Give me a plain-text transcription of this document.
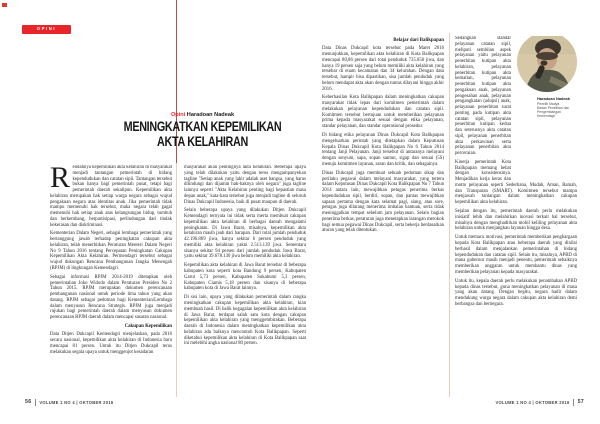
OPINI
Opini Haradoan Nadeak
MENINGKATKAN KEPEMILIKAN
AKTA KELAHIRAN

Rendahnya kepemilikan akta kelahiran di masyarakat menjadi tantangan pemerintah di bidang kependudukan dan catatan sipil. Tantangan tersebut bukan hanya bagi pemerintah pusat, tetapi bagi pemerintah daerah sekalipun. Kepemilikan akta kelahiran merupakan hak setiap warga negara sebagai wujud pengakuan negara atas identitas anak. Jika pemerintah tidak mampu memenuhi hak tersebut, maka negara telah gagal memenuhi hak setiap anak atas kelangsungan hidup, tumbuh dan berkembang, berpartisipasi, perlindungan dari tindak kekerasan dan diskriminasi.

Kementerian Dalam Negeri, sebagai lembaga pemerintah yang bertanggung jawab terhadap peningkatan cakupan akta kelahiran, telah menerbitkan Peraturan Menteri Dalam Negeri No 9 Tahun 2016 tentang Percepatan Peningkatan Cakupan Kepemilikan Akta Kelahiran. Permendagri tersebut sebagai wujud dukungan Rencana Pembangunan Jangka Menengah (RPJM) di lingkungan Kemendagri.

Sebagai informasi RPJM 2014-2019 ditetapkan oleh pemerintahan Joko Widodo dalam Peraturan Presiden No 2 Tahun 2015. RPJM merupakan dokumen perencanaan pembangunan nasional untuk periode lima tahun yang akan datang. RPJM sebagai pedoman bagi Kementerian/Lembaga dalam menyusun Rencana Strategis. RPJM juga menjadi rujukan bagi pemerintah daerah dalam menyusun dokumen perencanaan RPJM daerah dalam mencapai sasaran nasional.

Cakupan Kepemilikan

Data Ditjen Dukcapil Kemendagri menjelaskan, pada 2016 secara nasional, kepemilikan akta kelahiran di Indonesia baru mencapai 81 persen. Untuk itu Ditjen Dukcapil terus melakukan segala upaya untuk menggenjot kesadaran

masyarakat akan pentingnya akta kelahiran. Beberapa upaya yang telah dilakukan yaitu dengan terus mengampanyekan tagline "Setiap anak yang lahir adalah aset bangsa, yang harus dilindungi dan dijamin hak-haknya oleh negara" juga tagline lainnya seperti "Akta Kelahiran penting bagi kepastian masa depan anak," kata-kata tersebut juga menjadi tagline di seluruh Dinas Dukcapil Indonesia, baik di pusat maupun di daerah.

Selain beberapa upaya yang dilakukan Ditjen Dukcapil Kemendagri ternyata ini tidak serta merta membuat cakupan kepemilikan akta kelahiran di berbagai daerah mengalami peningkatan. Di Jawa Barat, misalnya, kepemilikan akta kelahiran masih jauh dari harapan. Dari total jumlah penduduk 42.196.869 jiwa, hanya sekitar 6 persen penduduk yang memiliki akta kelahiran yakni 2.513.139 jiwa. Sementara sisanya sekitar 94 persen dari jumlah penduduk Jawa Barat, yaitu sekitar 39.678.130 jiwa belum memiliki akta kelahiran.

Kepemilikan akta kelahiran di Jawa Barat tersebar di beberapa kabupaten kota seperti kota Bandung 9 persen, Kabupaten Garut 5,73 persen, Kabupaten Sukabumi 5,3 persen, Kabupaten Ciamis 5,18 persen dan sisanya di beberapa kabupaten kota di Jawa Barat lainnya.

Di sisi lain, upaya yang dilakukan pemerintah dalam rangka meningkatkan cakupan kepemilikan akta kelahiran, kian membuah hasil. Di balik kegagalan kepemilikan akta kelahiran di Jawa Barat, terdapat salah satu kota dengan cakupan kepemilikan akta kelahiran yang menggembirakan. Beberapa daerah di Indonesia dalam meningkatkan kepemilikan akta kelahiran ada baiknya mencontoh Kota Balikpapan. Seperti diketahui kepemilikan akta kelahiran di Kota Balikpapan saat ini melebihi angka nasional 80 persen.

Belajar dari Balikpapan

Data Dinas Dukcapil kota tersebut pada Maret 2016 menunjukkan, kepemilikan akta kelahiran di Kota Balikpapan mencapai 80,86 persen dari total penduduk 735.850 jiwa, dan hanya 19 persen saja yang belum memiliki akta kelahiran yang tersebar di enam kecamatan dan 34 kelurahan. Dengan data tersebut, hampir bisa dipastikan, sisa jumlah penduduk yang belum mendapat akta akan dengan tuntas dilayani hingga akhir 2016.

Keberhasilan Kota Balikpapan dalam meningkatkan cakupan masyarakat tidak lepas dari komitmen pemerintah dalam melakukan pelayanan kependudukan dan catatan sipil. Komitmen tersebut bertujuan untuk memberikan pelayanan prima kepada masyarakat sesuai dengan etika pelayanan, standar pelayanan, dan standar operasional prosedur.

Di bidang etika pelayanan Dinas Dukcapil Kota Balikpapan mengeluarkan perintah yang ditetapkan dalam Keputusan Kepala Dinas Dukcapil Kota Balikpapan No 6 Tahun 2014 tentang Janji Pelayanan. Janji tersebut di antaranya melayani dengan senyum, sapa, sopan santun, sigap dan sesuai (5S) menuju komitmen layanan, saran dan kritik, dan sebagainya.

Dinas Dukcapil juga membuat sebuah pedoman sikap dan perilaku pegawai dalam melayani masyarakat, yang tertera dalam Keputusan Dinas Dukcapil Kota Balikpapan No 7 Tahun 2014 antara lain, mewajibkan petugas penerima berkas kependudukan sipil, berdiri, sopan, dan pantas mewajibkan sapaan pertama dengan kata selamat pagi, siang, atau sore, petugas juga dilarang menerima imbalan bantuan, serta tidak meninggalkan tempat sebelum jam pelayanan. Selain bagian penerima berkas, peraturan juga menetapkan larangan merokok bagi semua pegawai Dinas Dukcapil, serta bekerja berdasarkan aturan yang telah ditentukan.

Haradoan Nadeak

Peneliti Madya

Badan Penelitian dan

Pengembangan Kemendagri

Sedangkan standar pelayanan catatan sipil, meliputi sembilan aspek pelayanan yaitu pelayanan penerbitan kutipan akta kelahiran, pelayanan penerbitan kutipan akta kematian, pelayanan penerbitan kutipan akta pengakuan anak, pelayanan pengesahan anak, pelayanan pengangkatan (adopsi) anak, pelayanan penerbitan surat penting pada kutipan akta catatan sipil, pelayanan penerbitan kutipan kedua dan seterusnya akta catatan sipil, pelayanan penerbitan akta perkawinan serta pelayanan penerbitan akta perceraian.

Kinerja pemerintah Kota Balikpapan memang hebat dengan konsistensinya. Menjadikan kerja keras dan motto pelayanan seperti Sederhana, Mudah, Aman, Ramah, dan Transparan (SMART). Komitmen tersebut mampu menjawab tantangan dalam meningkatkan cakupan kepemilikan akta kelahiran.

Sejalan dengan itu, pemerintah daerah perlu melakukan inisiatif lebih dan melahirkan inovasi terkait hal tersebut, misalnya dengan menghadirkan mobil keliling pelayanan akta kelahiran untuk menjangkau layanan hingga desa.

Untuk memacu motivasi, pemerintah memberikan penghargaan kepada Kota Balikpapan atau beberapa daerah yang dinilai berhasil dalam menjalankan pemerintahan di bidang kependudukan dan catatan sipil. Selain itu, misalnya, APBD di mana gubernur masih menjadi penentu, pemerintah sebaiknya memberikan anggaran untuk membantu dinas yang memberikan pelayanan kepada masyarakat.

Untuk itu, kepala daerah perlu melakukan penambahan APBD kepada dinas tersebut, guna meningkatkan pelayanan di masa yang akan datang. Dengan begitu, negara hadir dalam mendukung warga negara dalam cakupan akta kelahiran demi berbangsa dan bernegara.

56 VOLUME 1 NO 4 | OKTOBER 2016	VOLUME 1 NO 4 | OKTOBER 2016 57
